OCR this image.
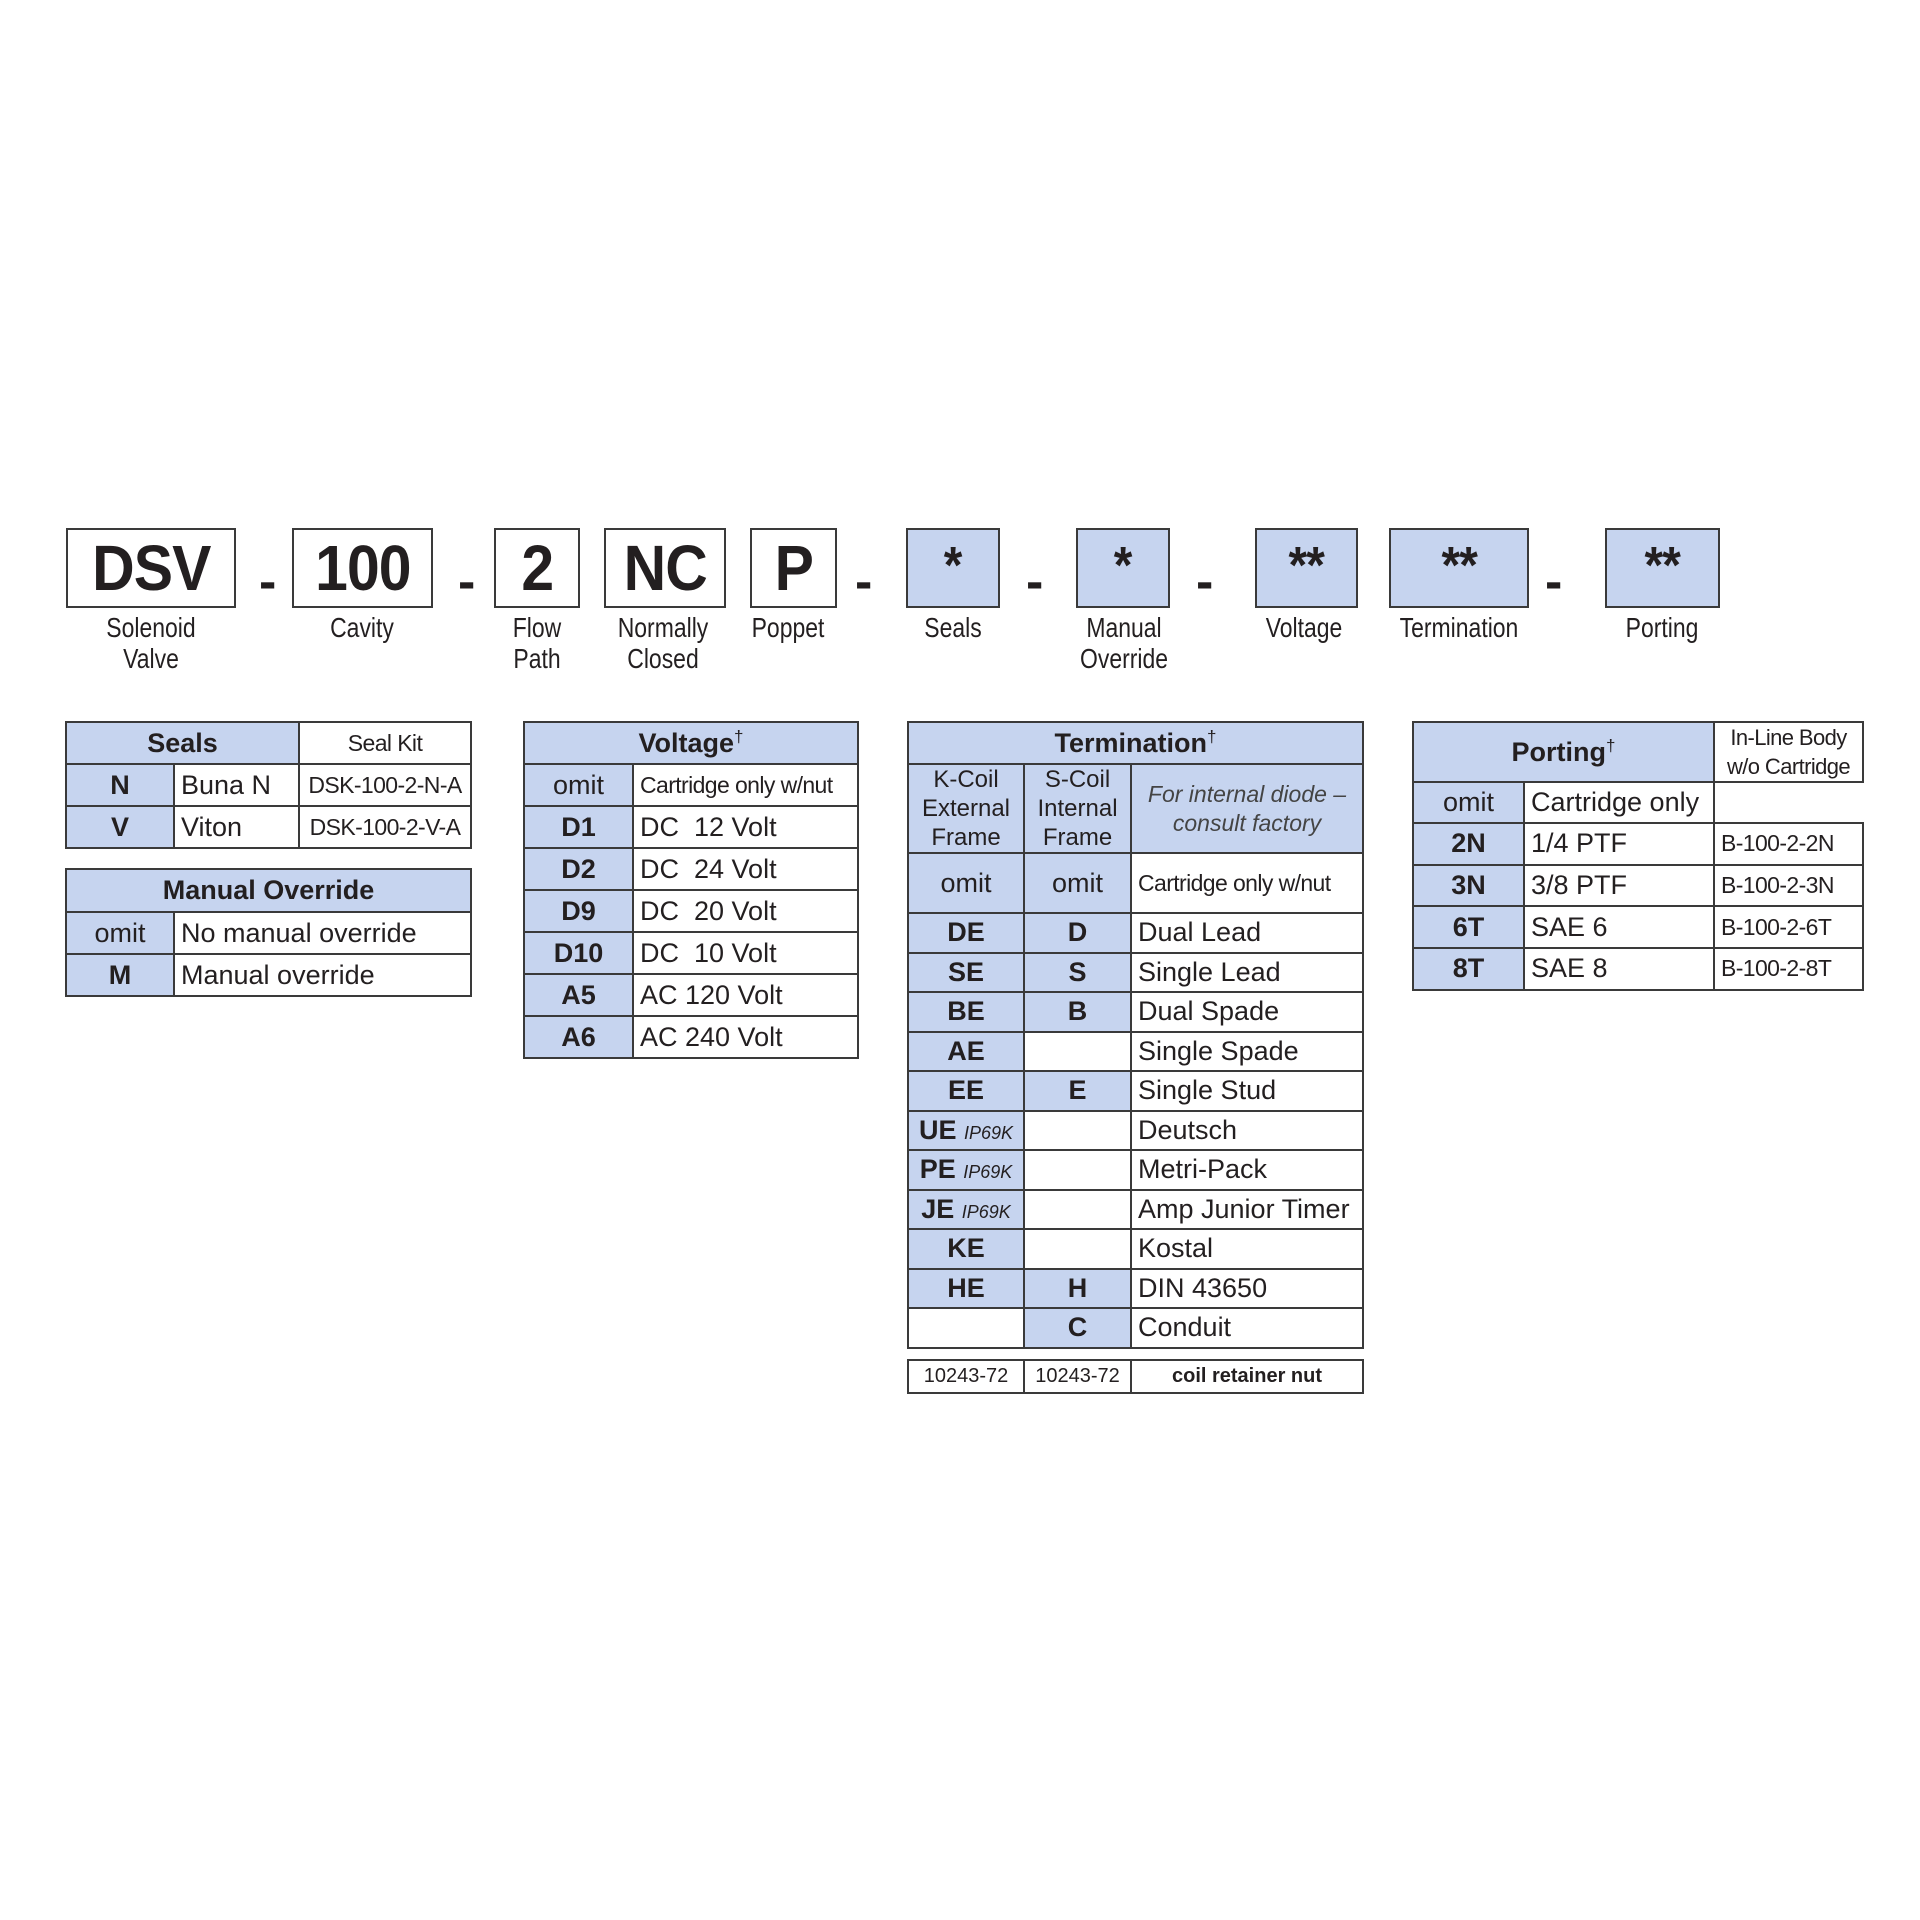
DSV 100 2 NC P	*	*	** **	**
-	-	-	-	-	-
Solenoid
Valve
Cavity	Flow
Path
Normally
Closed
Poppet	Seals	Manual
Override
Voltage	Termination	Porting
Seals		Seal Kit
N	Buna N	DSK-100-2-N-A
V	Viton	DSK-100-2-V-A
Manual Override	
omit	No manual override
M	Manual override
Voltage†
omit	Cartridge only w/nut
D1	DC  12 Volt
D2	DC  24 Volt
D9	DC  20 Volt
D10	DC  10 Volt
A5	AC 120 Volt
A6	AC 240 Volt
Termination†
K-Coil External Frame	S-Coil Internal Frame	For internal diode – consult factory
omit	omit	Cartridge only w/nut
DE	D	Dual Lead
SE	S	Single Lead
BE	B	Dual Spade
AE		Single Spade
EE	E	Single Stud
UE IP69K		Deutsch
PE IP69K		Metri-Pack
JE IP69K		Amp Junior Timer
KE		Kostal
HE	H	DIN 43650
	C	Conduit
10243-72	10243-72	coil retainer nut
Porting†		In-Line Body w/o Cartridge
omit	Cartridge only	
2N	1/4 PTF	B-100-2-2N
3N	3/8 PTF	B-100-2-3N
6T	SAE 6	B-100-2-6T
8T	SAE 8	B-100-2-8T
